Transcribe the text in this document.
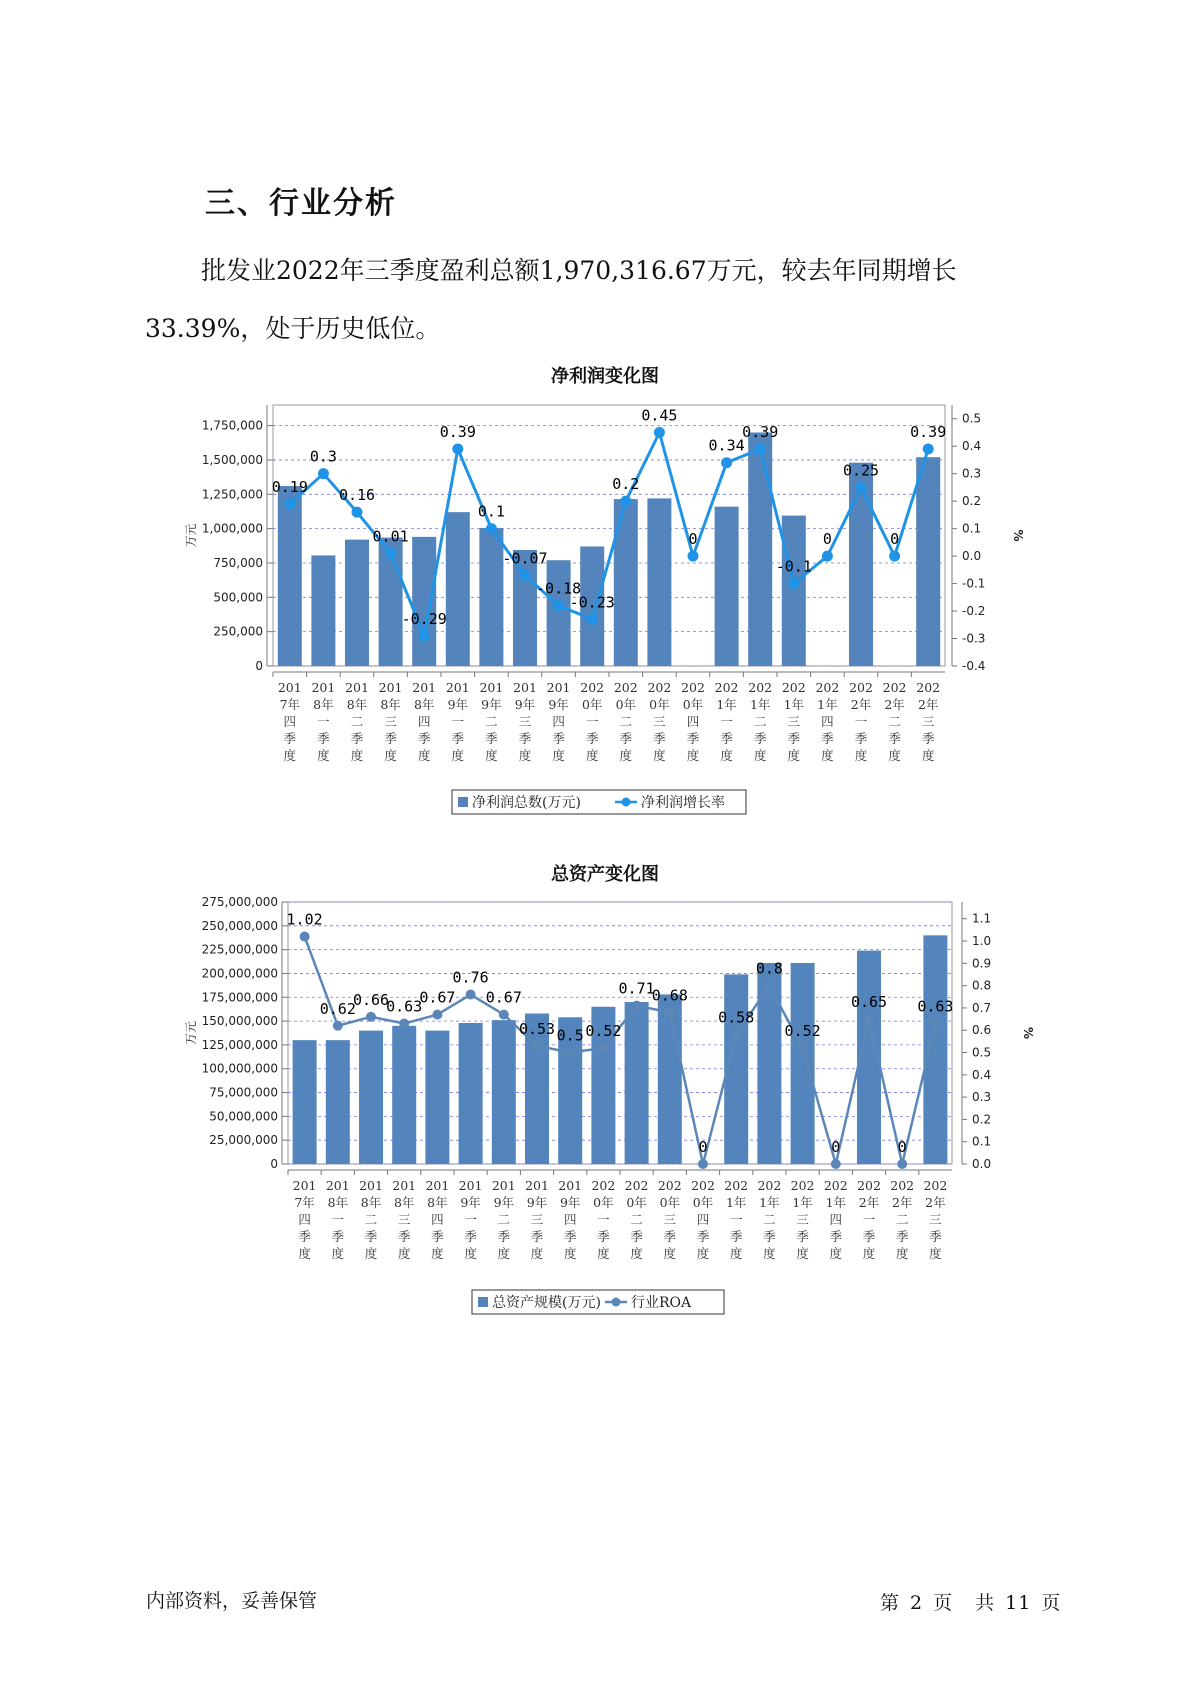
三、行业分析
批发业2022年三季度盈利总额1,970,316.67万元，较去年同期增长
33.39%，处于历史低位。
净利润变化图
总资产变化图
0
250,000
500,000
750,000
1,000,000
1,250,000
1,500,000
1,750,000
-0.4
-0.3
-0.2
-0.1
0.0
0.1
0.2
0.3
0.4
0.5
万元	%
201
7年
四
季
度
201
8年
一
季
度
201
8年
二
季
度
201
8年
三
季
度
201
8年
四
季
度
201
9年
一
季
度
201
9年
二
季
度
201
9年
三
季
度
201
9年
四
季
度
202
0年
一
季
度
202
0年
二
季
度
202
0年
三
季
度
202
0年
四
季
度
202
1年
一
季
度
202
1年
二
季
度
202
1年
三
季
度
202
1年
四
季
度
202
2年
一
季
度
202
2年
二
季
度
202
2年
三
季
度
0.19
0.3
0.16
0.01
-0.29
0.39
0.1
-0.07
-0.18
-0.23
0.2
0.45
0
0.34
0.39
-0.1
0
0.25
0
0.39
净利润总数(万元)	净利润增长率
0
25,000,000
50,000,000
75,000,000
100,000,000
125,000,000
150,000,000
175,000,000
200,000,000
225,000,000
250,000,000
275,000,000
0.0
0.1
0.2
0.3
0.4
0.5
0.6
0.7
0.8
0.9
1.0
1.1
万元	%
201
7年
四
季
度
201
8年
一
季
度
201
8年
二
季
度
201
8年
三
季
度
201
8年
四
季
度
201
9年
一
季
度
201
9年
二
季
度
201
9年
三
季
度
201
9年
四
季
度
202
0年
一
季
度
202
0年
二
季
度
202
0年
三
季
度
202
0年
四
季
度
202
1年
一
季
度
202
1年
二
季
度
202
1年
三
季
度
202
1年
四
季
度
202
2年
一
季
度
202
2年
二
季
度
202
2年
三
季
度
1.02
0.62
0.66
0.63
0.67
0.76
0.67
0.53 0.5 0.52
0.71
0.68
0
0.58
0.8
0.52
0
0.65
0
0.63
总资产规模(万元) 行业ROA
内部资料，妥善保管	第 2 页 共 11 页
